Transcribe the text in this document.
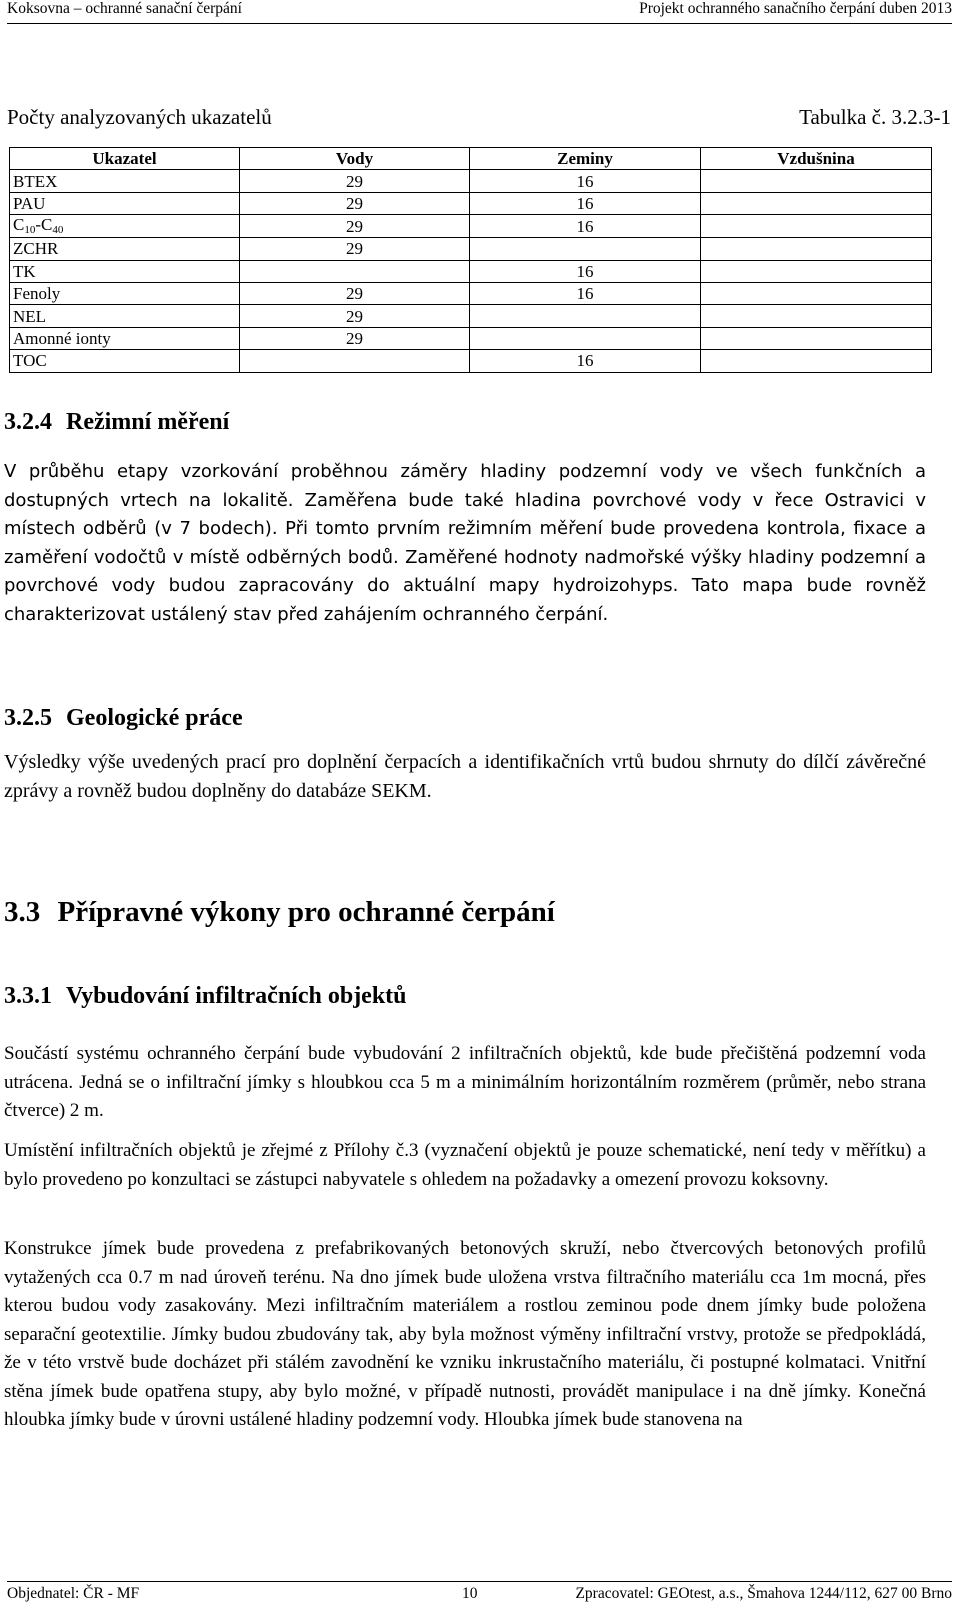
Koksovna – ochranné sanační čerpání	Projekt ochranného sanačního čerpání duben 2013
Počty analyzovaných ukazatelů	Tabulka č. 3.2.3-1
Ukazatel	Vody	Zeminy	Vzdušnina
BTEX	29	16	
PAU	29	16	
C10-C40	29	16	
ZCHR	29		
TK		16	
Fenoly	29	16	
NEL	29		
Amonné ionty	29		
TOC		16	
3.2.4 Režimní měření

V průběhu etapy vzorkování proběhnou záměry hladiny podzemní vody ve všech funkčních a dostupných vrtech na lokalitě. Zaměřena bude také hladina povrchové vody v řece Ostravici v místech odběrů (v 7 bodech). Při tomto prvním režimním měření bude provedena kontrola, fixace a zaměření vodočtů v místě odběrných bodů. Zaměřené hodnoty nadmořské výšky hladiny podzemní a povrchové vody budou zapracovány do aktuální mapy hydroizohyps. Tato mapa bude rovněž charakterizovat ustálený stav před zahájením ochranného čerpání.

3.2.5 Geologické práce

Výsledky výše uvedených prací pro doplnění čerpacích a identifikačních vrtů budou shrnuty do dílčí závěrečné zprávy a rovněž budou doplněny do databáze SEKM.

3.3 Přípravné výkony pro ochranné čerpání
3.3.1 Vybudování infiltračních objektů

Součástí systému ochranného čerpání bude vybudování 2 infiltračních objektů, kde bude přečištěná podzemní voda utrácena. Jedná se o infiltrační jímky s hloubkou cca 5 m a minimálním horizontálním rozměrem (průměr, nebo strana čtverce) 2 m.

Umístění infiltračních objektů je zřejmé z Přílohy č.3 (vyznačení objektů je pouze schematické, není tedy v měřítku) a bylo provedeno po konzultaci se zástupci nabyvatele s ohledem na požadavky a omezení provozu koksovny.

Konstrukce jímek bude provedena z prefabrikovaných betonových skruží, nebo čtvercových betonových profilů vytažených cca 0.7 m nad úroveň terénu. Na dno jímek bude uložena vrstva filtračního materiálu cca 1m mocná, přes kterou budou vody zasakovány. Mezi infiltračním materiálem a rostlou zeminou pode dnem jímky bude položena separační geotextilie. Jímky budou zbudovány tak, aby byla možnost výměny infiltrační vrstvy, protože se předpokládá, že v této vrstvě bude docházet při stálém zavodnění ke vzniku inkrustačního materiálu, či postupné kolmataci. Vnitřní stěna jímek bude opatřena stupy, aby bylo možné, v případě nutnosti, provádět manipulace i na dně jímky. Konečná hloubka jímky bude v úrovni ustálené hladiny podzemní vody. Hloubka jímek bude stanovena na

Objednatel: ČR - MF	10	Zpracovatel: GEOtest, a.s., Šmahova 1244/112, 627 00 Brno
